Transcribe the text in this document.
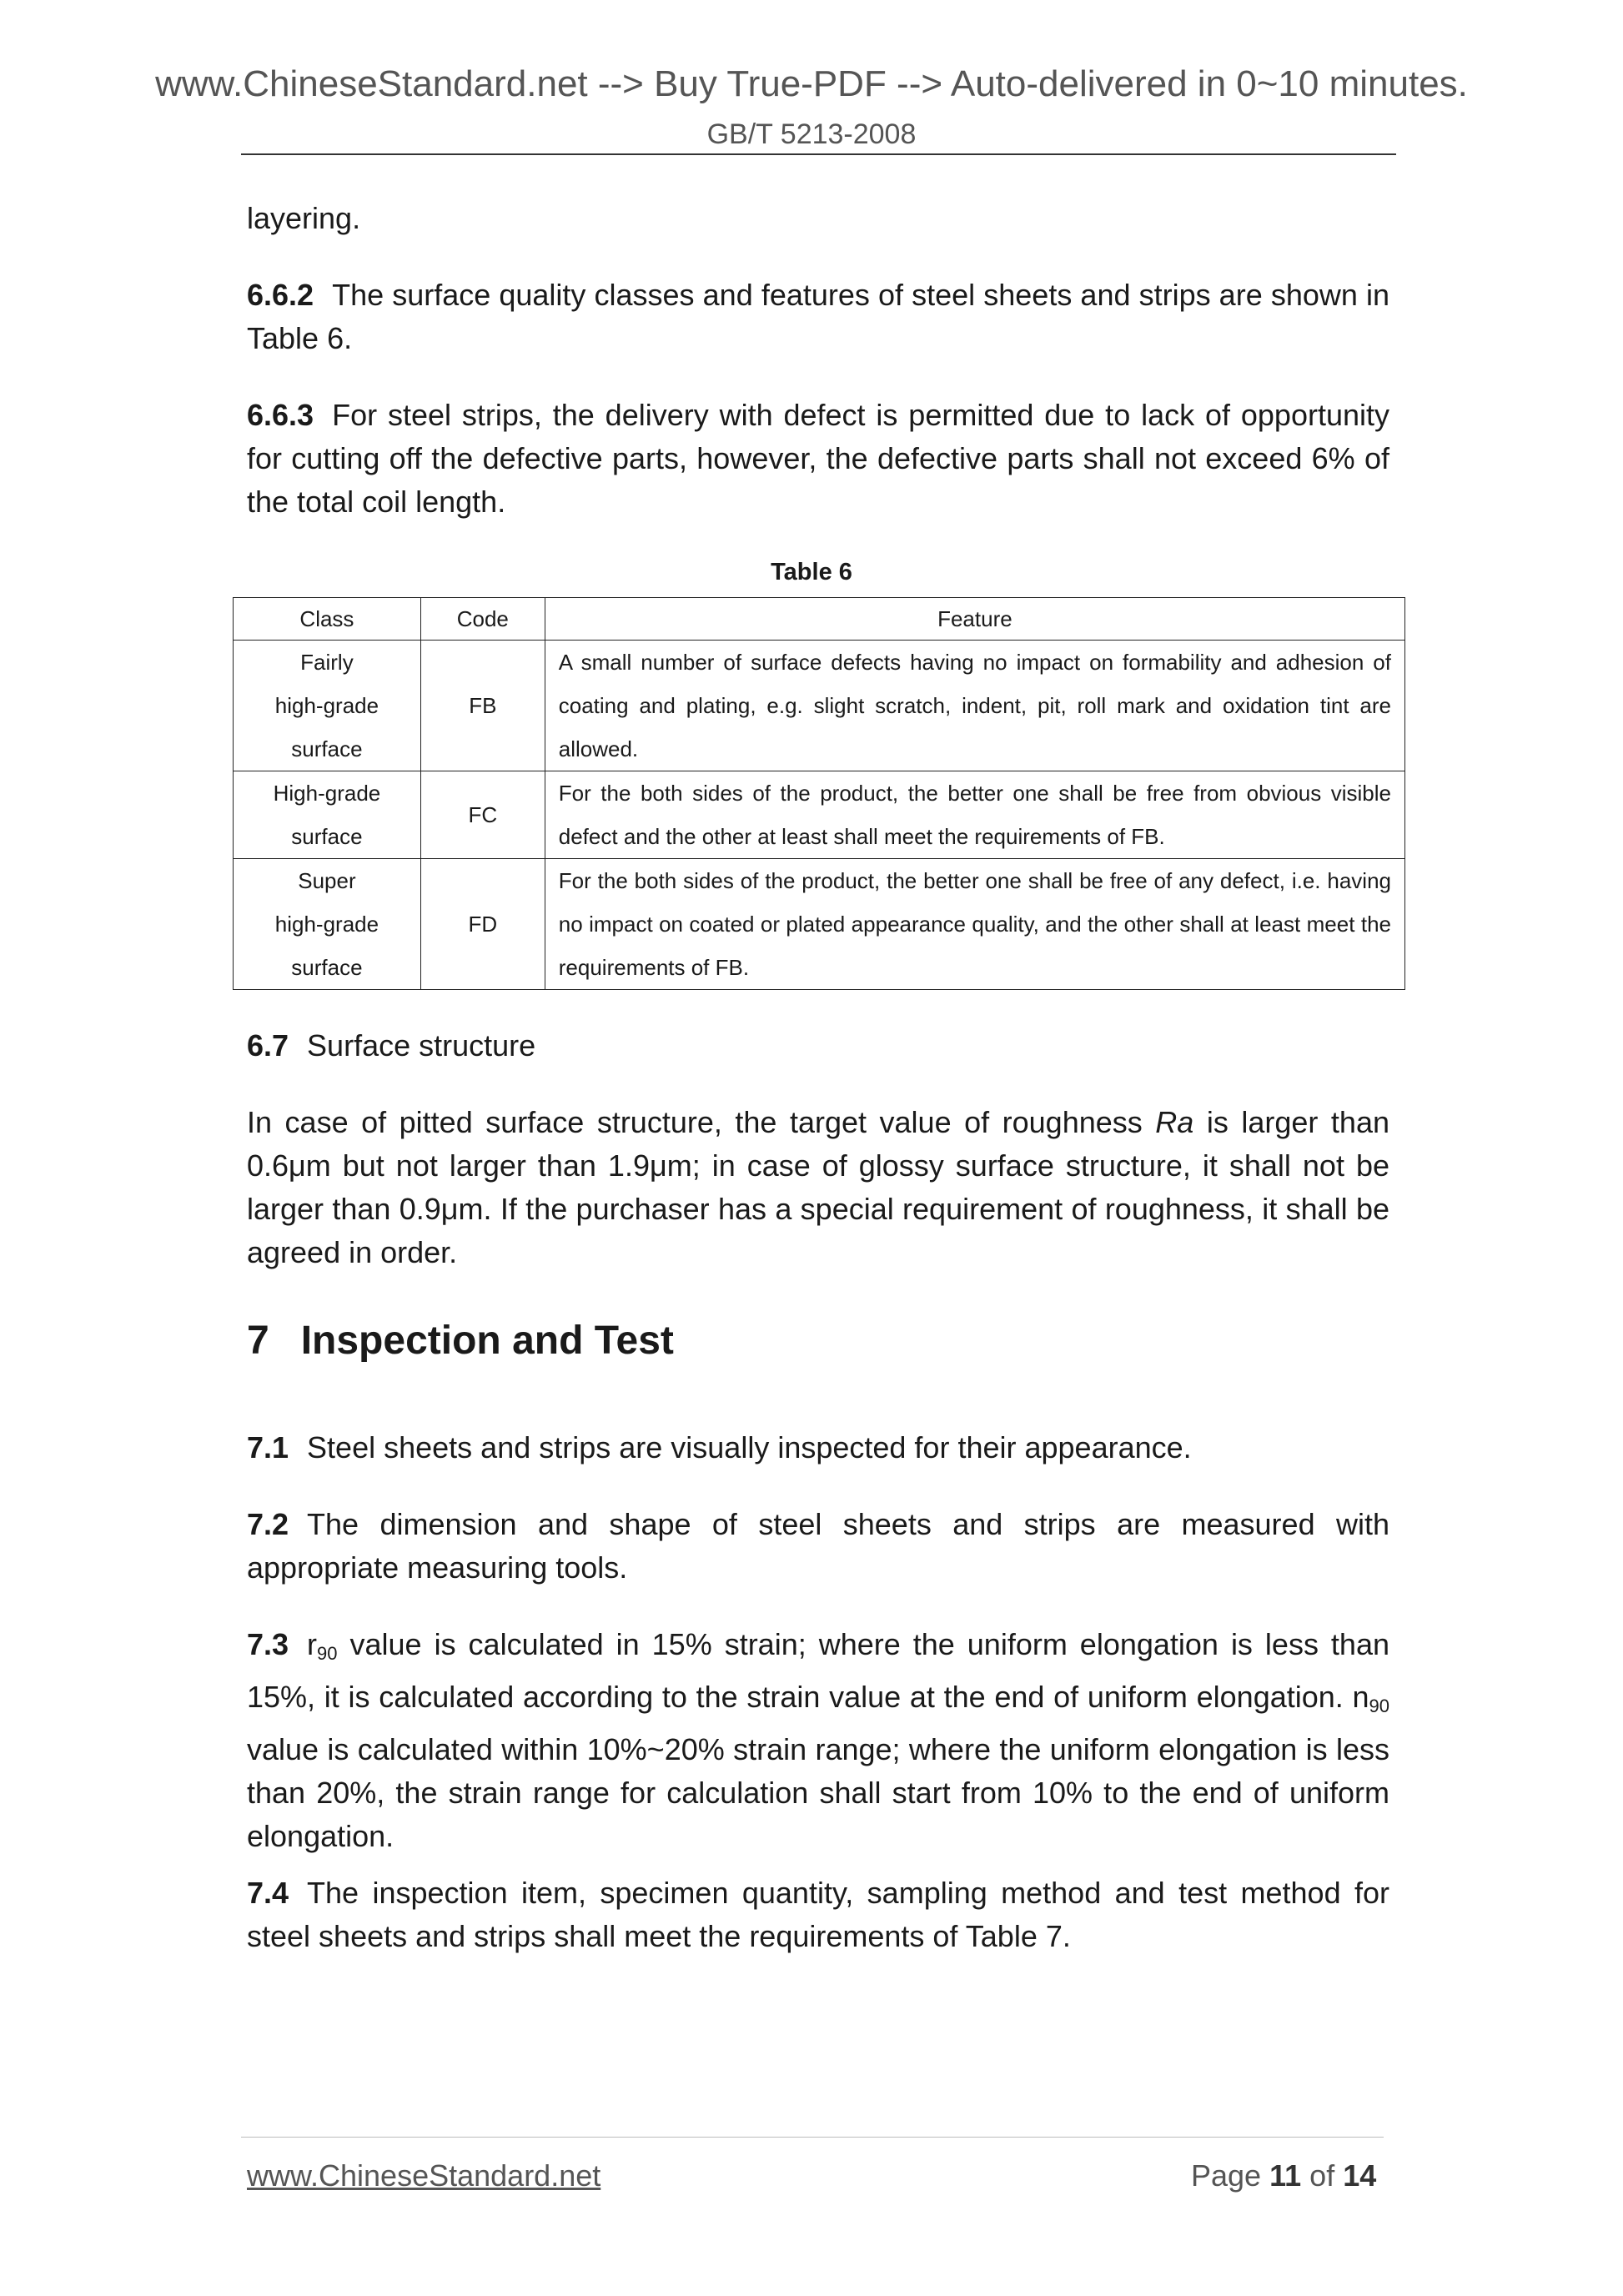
www.ChineseStandard.net --> Buy True-PDF --> Auto-delivered in 0~10 minutes.
GB/T 5213-2008
layering.
6.6.2 The surface quality classes and features of steel sheets and strips are shown in Table 6.
6.6.3 For steel strips, the delivery with defect is permitted due to lack of opportunity for cutting off the defective parts, however, the defective parts shall not exceed 6% of the total coil length.
Table 6
Class	Code	Feature

Fairly
high-grade
surface	FB	A small number of surface defects having no impact on formability and adhesion of coating and plating, e.g. slight scratch, indent, pit, roll mark and oxidation tint are allowed.

High-grade
surface	FC	For the both sides of the product, the better one shall be free from obvious visible defect and the other at least shall meet the requirements of FB.

Super
high-grade
surface	FD	For the both sides of the product, the better one shall be free of any defect, i.e. having no impact on coated or plated appearance quality, and the other shall at least meet the requirements of FB.
6.7 Surface structure
In case of pitted surface structure, the target value of roughness Ra is larger than 0.6μm but not larger than 1.9μm; in case of glossy surface structure, it shall not be larger than 0.9μm. If the purchaser has a special requirement of roughness, it shall be agreed in order.
7 Inspection and Test
7.1 Steel sheets and strips are visually inspected for their appearance.
7.2 The dimension and shape of steel sheets and strips are measured with appropriate measuring tools.
7.3 $r_{90}$ value is calculated in 15% strain; where the uniform elongation is less than 15%, it is calculated according to the strain value at the end of uniform elongation. $n_{90}$ value is calculated within 10%~20% strain range; where the uniform elongation is less than 20%, the strain range for calculation shall start from 10% to the end of uniform elongation.
7.4 The inspection item, specimen quantity, sampling method and test method for steel sheets and strips shall meet the requirements of Table 7.
www.ChineseStandard.net	Page 11 of 14
